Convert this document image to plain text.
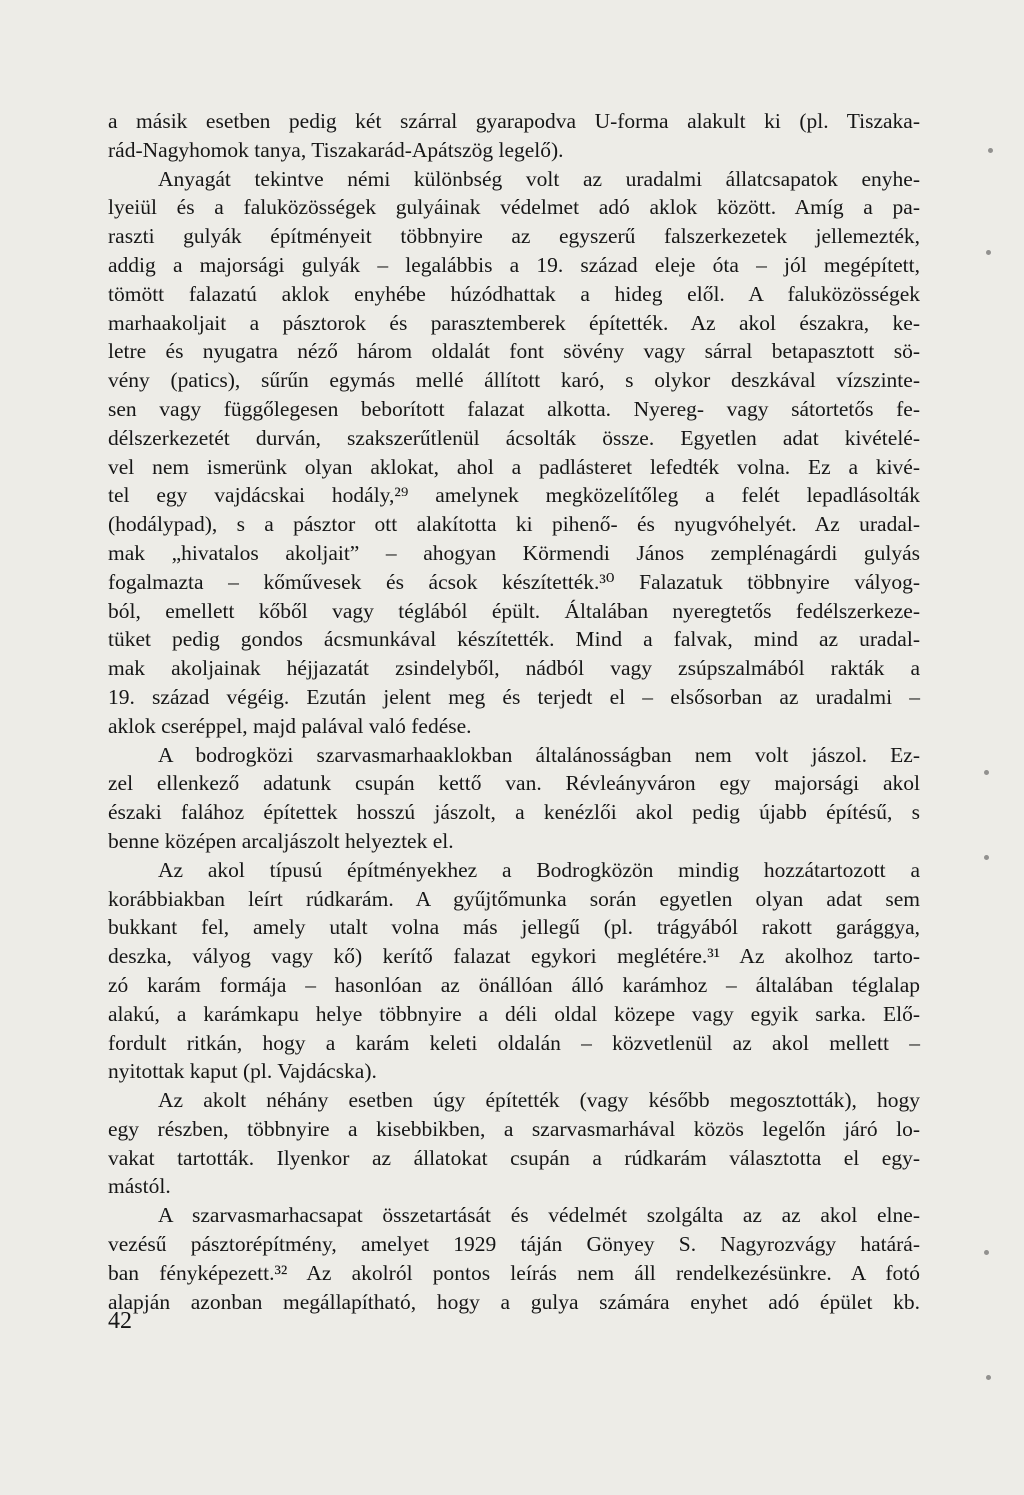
a másik esetben pedig két szárral gyarapodva U-forma alakult ki (pl. Tiszaka-
rád-Nagyhomok tanya, Tiszakarád-Apátszög legelő).
Anyagát tekintve némi különbség volt az uradalmi állatcsapatok enyhe-
lyeiül és a faluközösségek gulyáinak védelmet adó aklok között. Amíg a pa-
raszti gulyák építményeit többnyire az egyszerű falszerkezetek jellemezték,
addig a majorsági gulyák – legalábbis a 19. század eleje óta – jól megépített,
tömött falazatú aklok enyhébe húzódhattak a hideg elől. A faluközösségek
marhaakoljait a pásztorok és parasztemberek építették. Az akol északra, ke-
letre és nyugatra néző három oldalát font sövény vagy sárral betapasztott sö-
vény (patics), sűrűn egymás mellé állított karó, s olykor deszkával vízszinte-
sen vagy függőlegesen beborított falazat alkotta. Nyereg- vagy sátortetős fe-
délszerkezetét durván, szakszerűtlenül ácsolták össze. Egyetlen adat kivételé-
vel nem ismerünk olyan aklokat, ahol a padlásteret lefedték volna. Ez a kivé-
tel egy vajdácskai hodály,²⁹ amelynek megközelítőleg a felét lepadlásolták
(hodálypad), s a pásztor ott alakította ki pihenő- és nyugvóhelyét. Az uradal-
mak „hivatalos akoljait” – ahogyan Körmendi János zemplénagárdi gulyás
fogalmazta – kőművesek és ácsok készítették.³⁰ Falazatuk többnyire vályog-
ból, emellett kőből vagy téglából épült. Általában nyeregtetős fedélszerkeze-
tüket pedig gondos ácsmunkával készítették. Mind a falvak, mind az uradal-
mak akoljainak héjjazatát zsindelyből, nádból vagy zsúpszalmából rakták a
19. század végéig. Ezután jelent meg és terjedt el – elsősorban az uradalmi –
aklok cseréppel, majd palával való fedése.
A bodrogközi szarvasmarhaaklokban általánosságban nem volt jászol. Ez-
zel ellenkező adatunk csupán kettő van. Révleányváron egy majorsági akol
északi falához építettek hosszú jászolt, a kenézlői akol pedig újabb építésű, s
benne középen arcaljászolt helyeztek el.
Az akol típusú építményekhez a Bodrogközön mindig hozzátartozott a
korábbiakban leírt rúdkarám. A gyűjtőmunka során egyetlen olyan adat sem
bukkant fel, amely utalt volna más jellegű (pl. trágyából rakott garággya,
deszka, vályog vagy kő) kerítő falazat egykori meglétére.³¹ Az akolhoz tarto-
zó karám formája – hasonlóan az önállóan álló karámhoz – általában téglalap
alakú, a karámkapu helye többnyire a déli oldal közepe vagy egyik sarka. Elő-
fordult ritkán, hogy a karám keleti oldalán – közvetlenül az akol mellett –
nyitottak kaput (pl. Vajdácska).
Az akolt néhány esetben úgy építették (vagy később megosztották), hogy
egy részben, többnyire a kisebbikben, a szarvasmarhával közös legelőn járó lo-
vakat tartották. Ilyenkor az állatokat csupán a rúdkarám választotta el egy-
mástól.
A szarvasmarhacsapat összetartását és védelmét szolgálta az az akol elne-
vezésű pásztorépítmény, amelyet 1929 táján Gönyey S. Nagyrozvágy határá-
ban fényképezett.³² Az akolról pontos leírás nem áll rendelkezésünkre. A fotó
alapján azonban megállapítható, hogy a gulya számára enyhet adó épület kb.
42
